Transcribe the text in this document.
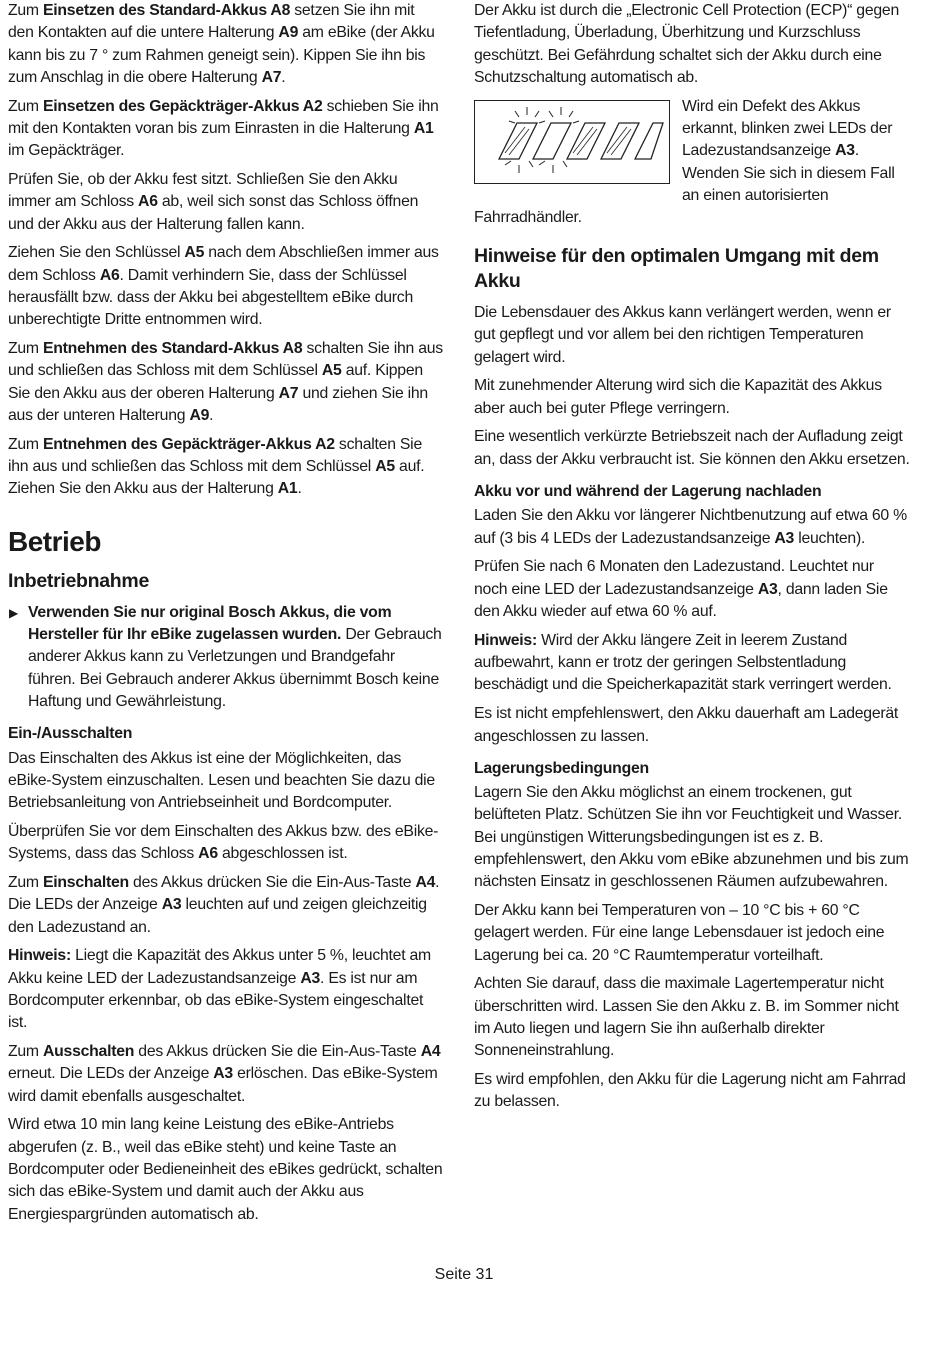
Zum Einsetzen des Standard-Akkus A8 setzen Sie ihn mit den Kontakten auf die untere Halterung A9 am eBike (der Akku kann bis zu 7 ° zum Rahmen geneigt sein). Kippen Sie ihn bis zum Anschlag in die obere Halterung A7.

Zum Einsetzen des Gepäckträger-Akkus A2 schieben Sie ihn mit den Kontakten voran bis zum Einrasten in die Halterung A1 im Gepäckträger.

Prüfen Sie, ob der Akku fest sitzt. Schließen Sie den Akku immer am Schloss A6 ab, weil sich sonst das Schloss öffnen und der Akku aus der Halterung fallen kann.

Ziehen Sie den Schlüssel A5 nach dem Abschließen immer aus dem Schloss A6. Damit verhindern Sie, dass der Schlüssel herausfällt bzw. dass der Akku bei abgestelltem eBike durch unberechtigte Dritte entnommen wird.

Zum Entnehmen des Standard-Akkus A8 schalten Sie ihn aus und schließen das Schloss mit dem Schlüssel A5 auf. Kippen Sie den Akku aus der oberen Halterung A7 und ziehen Sie ihn aus der unteren Halterung A9.

Zum Entnehmen des Gepäckträger-Akkus A2 schalten Sie ihn aus und schließen das Schloss mit dem Schlüssel A5 auf. Ziehen Sie den Akku aus der Halterung A1.

Betrieb
Inbetriebnahme

▶ Verwenden Sie nur original Bosch Akkus, die vom Hersteller für Ihr eBike zugelassen wurden. Der Gebrauch anderer Akkus kann zu Verletzungen und Brandgefahr führen. Bei Gebrauch anderer Akkus übernimmt Bosch keine Haftung und Gewährleistung.

Ein-/Ausschalten

Das Einschalten des Akkus ist eine der Möglichkeiten, das eBike-System einzuschalten. Lesen und beachten Sie dazu die Betriebsanleitung von Antriebseinheit und Bordcomputer.

Überprüfen Sie vor dem Einschalten des Akkus bzw. des eBike-Systems, dass das Schloss A6 abgeschlossen ist.

Zum Einschalten des Akkus drücken Sie die Ein-Aus-Taste A4. Die LEDs der Anzeige A3 leuchten auf und zeigen gleichzeitig den Ladezustand an.

Hinweis: Liegt die Kapazität des Akkus unter 5 %, leuchtet am Akku keine LED der Ladezustandsanzeige A3. Es ist nur am Bordcomputer erkennbar, ob das eBike-System eingeschaltet ist.

Zum Ausschalten des Akkus drücken Sie die Ein-Aus-Taste A4 erneut. Die LEDs der Anzeige A3 erlöschen. Das eBike-System wird damit ebenfalls ausgeschaltet.

Wird etwa 10 min lang keine Leistung des eBike-Antriebs abgerufen (z. B., weil das eBike steht) und keine Taste an Bordcomputer oder Bedieneinheit des eBikes gedrückt, schalten sich das eBike-System und damit auch der Akku aus Energiespargründen automatisch ab.

Der Akku ist durch die „Electronic Cell Protection (ECP)“ gegen Tiefentladung, Überladung, Überhitzung und Kurzschluss geschützt. Bei Gefährdung schaltet sich der Akku durch eine Schutzschaltung automatisch ab.

Wird ein Defekt des Akkus erkannt, blinken zwei LEDs der Ladezustandsanzeige A3. Wenden Sie sich in diesem Fall an einen autorisierten Fahrradhändler.

Hinweise für den optimalen Umgang mit dem Akku

Die Lebensdauer des Akkus kann verlängert werden, wenn er gut gepflegt und vor allem bei den richtigen Temperaturen gelagert wird.

Mit zunehmender Alterung wird sich die Kapazität des Akkus aber auch bei guter Pflege verringern.

Eine wesentlich verkürzte Betriebszeit nach der Aufladung zeigt an, dass der Akku verbraucht ist. Sie können den Akku ersetzen.

Akku vor und während der Lagerung nachladen

Laden Sie den Akku vor längerer Nichtbenutzung auf etwa 60 % auf (3 bis 4 LEDs der Ladezustandsanzeige A3 leuchten).

Prüfen Sie nach 6 Monaten den Ladezustand. Leuchtet nur noch eine LED der Ladezustandsanzeige A3, dann laden Sie den Akku wieder auf etwa 60 % auf.

Hinweis: Wird der Akku längere Zeit in leerem Zustand aufbewahrt, kann er trotz der geringen Selbstentladung beschädigt und die Speicherkapazität stark verringert werden.

Es ist nicht empfehlenswert, den Akku dauerhaft am Ladegerät angeschlossen zu lassen.

Lagerungsbedingungen

Lagern Sie den Akku möglichst an einem trockenen, gut belüfteten Platz. Schützen Sie ihn vor Feuchtigkeit und Wasser. Bei ungünstigen Witterungsbedingungen ist es z. B. empfehlenswert, den Akku vom eBike abzunehmen und bis zum nächsten Einsatz in geschlossenen Räumen aufzubewahren.

Der Akku kann bei Temperaturen von – 10 °C bis + 60 °C gelagert werden. Für eine lange Lebensdauer ist jedoch eine Lagerung bei ca. 20 °C Raumtemperatur vorteilhaft.

Achten Sie darauf, dass die maximale Lagertemperatur nicht überschritten wird. Lassen Sie den Akku z. B. im Sommer nicht im Auto liegen und lagern Sie ihn außerhalb direkter Sonneneinstrahlung.

Es wird empfohlen, den Akku für die Lagerung nicht am Fahrrad zu belassen.

Seite 31
